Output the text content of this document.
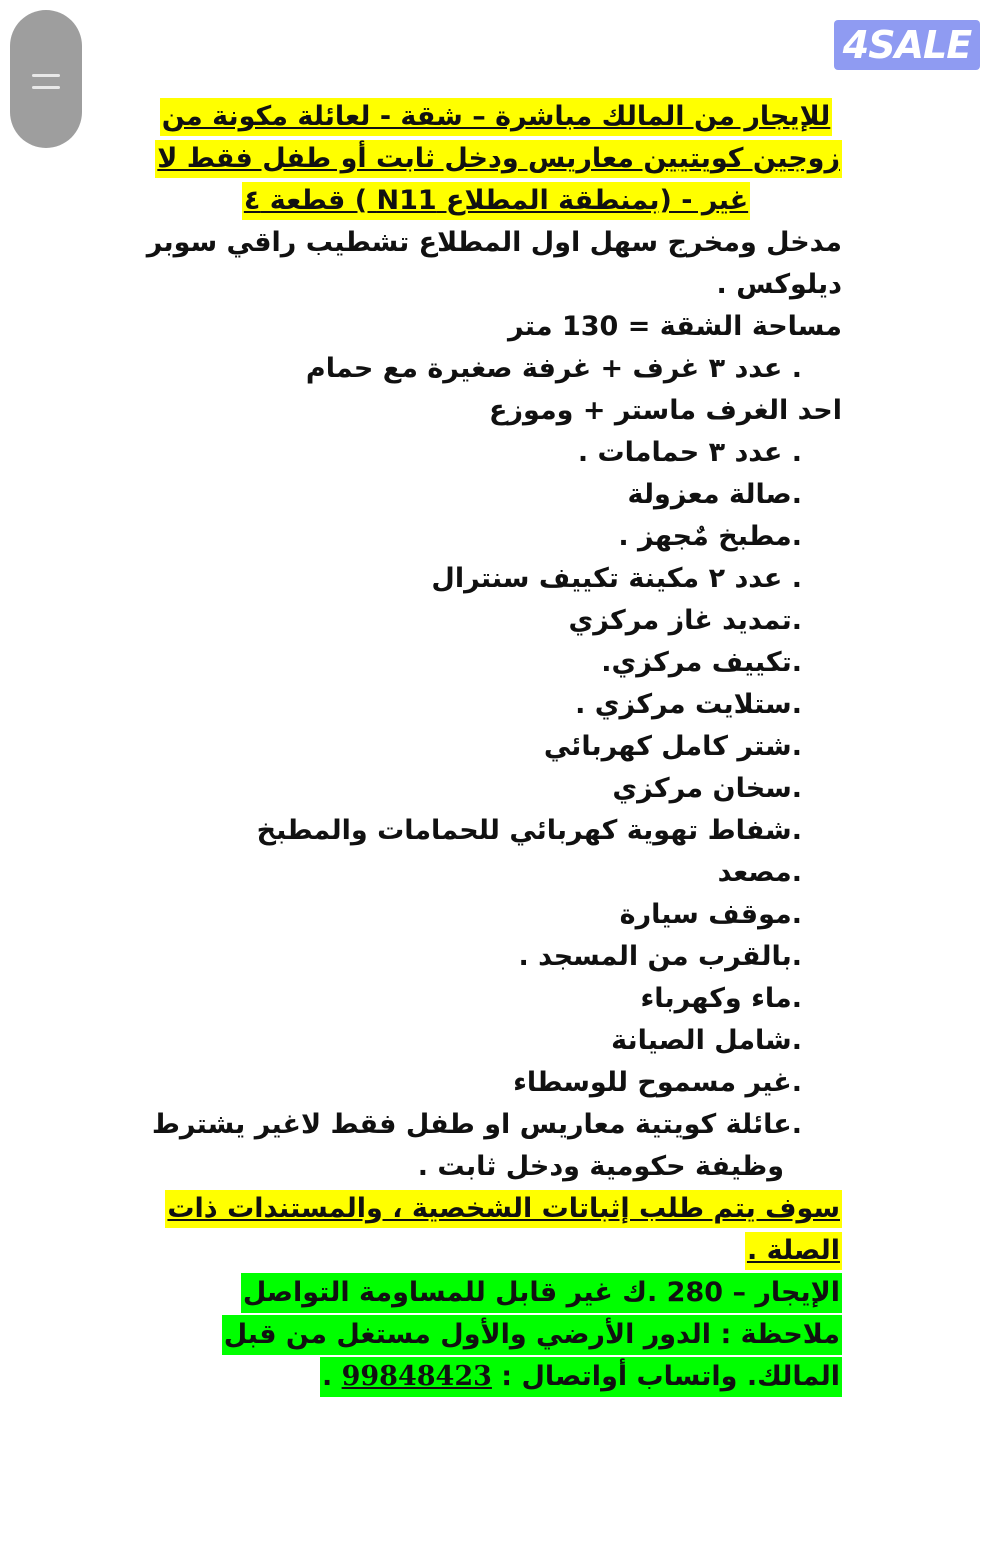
4SALE
للإيجار من المالك مباشرة – شقة - لعائلة مكونة من
زوجين كويتيين معاريس ودخل ثابت أو طفل فقط لا
غير - (بمنطقة المطلاع N11 ) قطعة ٤
مدخل ومخرج سهل اول المطلاع تشطيب راقي سوبر
ديلوكس .
مساحة الشقة = 130 متر
. عدد ٣ غرف + غرفة صغيرة مع حمام
احد الغرف ماستر + وموزع
. عدد ٣ حمامات .
.صالة معزولة
.مطبخ مٌجهز .
. عدد ٢ مكينة تكييف سنترال
.تمديد غاز مركزي
.تكييف مركزي.
.ستلايت مركزي .
.شتر كامل كهربائي
.سخان مركزي
.شفاط تهوية كهربائي للحمامات والمطبخ
.مصعد
.موقف سيارة
.بالقرب من المسجد .
.ماء وكهرباء
.شامل الصيانة
.غير مسموح للوسطاء
.عائلة كويتية معاريس او طفل فقط لاغير يشترط
وظيفة حكومية ودخل ثابت .
سوف يتم طلب إثباتات الشخصية ، والمستندات ذات
الصلة .
الإيجار – 280 .ك غير قابل للمساومة التواصل
ملاحظة : الدور الأرضي والأول مستغل من قبل
المالك. واتساب أواتصال : 99848423 .
